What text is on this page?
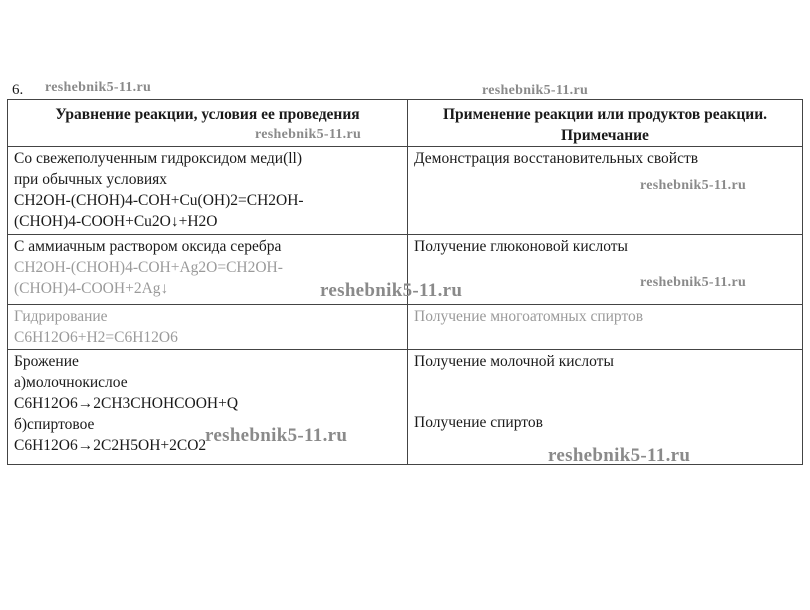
6.
Уравнение реакции, условия ее проведения	Применение реакции или продуктов реакции. Примечание

Со свежеполученным гидроксидом меди(ll)
при обычных условиях
CH2OH-(CHOH)4-COH+Cu(OH)2=CH2OH-
(CHOH)4-COOH+Cu2O↓+H2O	Демонстрация восстановительных свойств

С аммиачным раствором оксида серебра
CH2OH-(CHOH)4-COH+Ag2O=CH2OH-
(CHOH)4-COOH+2Ag↓	Получение глюконовой кислоты

Гидрирование
C6H12O6+H2=C6H12O6	Получение многоатомных спиртов

Брожение
а)молочнокислое
C6H12O6→2CH3CHOHCOOH+Q
б)спиртовое
C6H12O6→2C2H5OH+2CO2	Получение молочной кислоты
Получение спиртов
reshebnik5-11.ru	reshebnik5-11.ru
reshebnik5-11.ru
reshebnik5-11.ru
reshebnik5-11.ru
reshebnik5-11.ru
reshebnik5-11.ru
reshebnik5-11.ru
